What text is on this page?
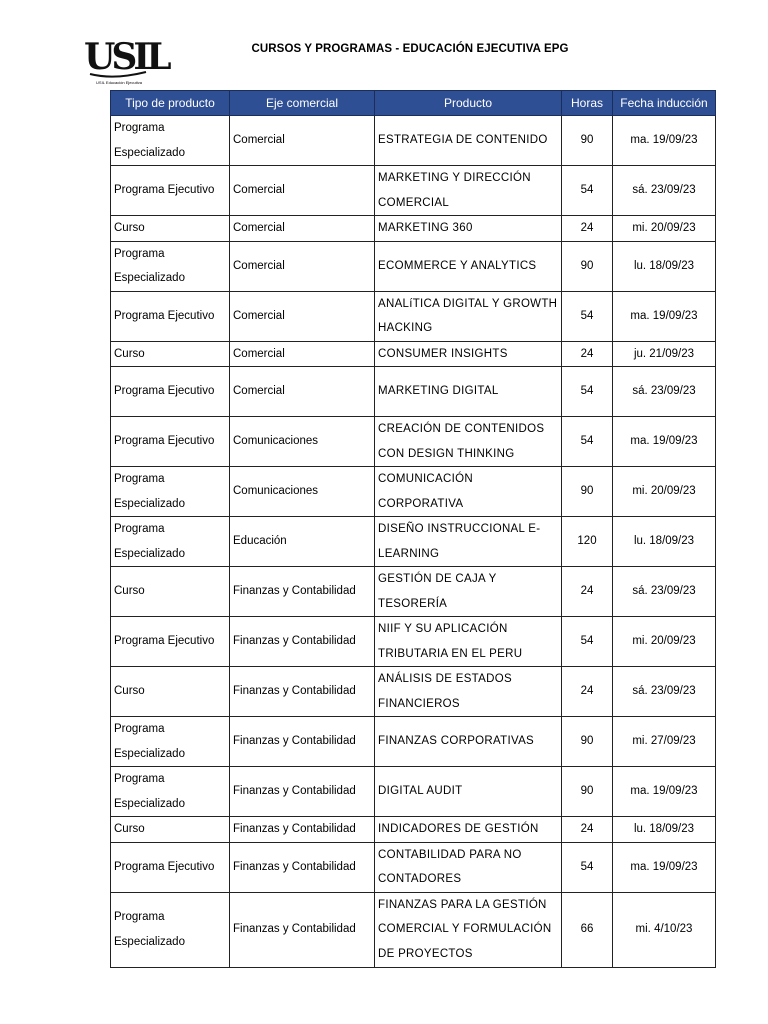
USIL
USIL Educación Ejecutiva
CURSOS Y PROGRAMAS - EDUCACIÓN EJECUTIVA EPG
Tipo de producto	Eje comercial	Producto	Horas	Fecha inducción
Programa Especializado	Comercial	ESTRATEGIA DE CONTENIDO	90	ma. 19/09/23
Programa Ejecutivo	Comercial	MARKETING Y DIRECCIÓN COMERCIAL	54	sá. 23/09/23
Curso	Comercial	MARKETING 360	24	mi. 20/09/23
Programa Especializado	Comercial	ECOMMERCE Y ANALYTICS	90	lu. 18/09/23
Programa Ejecutivo	Comercial	ANALíTICA DIGITAL Y GROWTH HACKING	54	ma. 19/09/23
Curso	Comercial	CONSUMER INSIGHTS	24	ju. 21/09/23
Programa Ejecutivo	Comercial	MARKETING DIGITAL	54	sá. 23/09/23
Programa Ejecutivo	Comunicaciones	CREACIÓN DE CONTENIDOS CON DESIGN THINKING	54	ma. 19/09/23
Programa Especializado	Comunicaciones	COMUNICACIÓN CORPORATIVA	90	mi. 20/09/23
Programa Especializado	Educación	DISEÑO INSTRUCCIONAL E-LEARNING	120	lu. 18/09/23
Curso	Finanzas y Contabilidad	GESTIÓN DE CAJA Y TESORERÍA	24	sá. 23/09/23
Programa Ejecutivo	Finanzas y Contabilidad	NIIF Y SU APLICACIÓN TRIBUTARIA EN EL PERU	54	mi. 20/09/23
Curso	Finanzas y Contabilidad	ANÁLISIS DE ESTADOS FINANCIEROS	24	sá. 23/09/23
Programa Especializado	Finanzas y Contabilidad	FINANZAS CORPORATIVAS	90	mi. 27/09/23
Programa Especializado	Finanzas y Contabilidad	DIGITAL AUDIT	90	ma. 19/09/23
Curso	Finanzas y Contabilidad	INDICADORES DE GESTIÓN	24	lu. 18/09/23
Programa Ejecutivo	Finanzas y Contabilidad	CONTABILIDAD PARA NO CONTADORES	54	ma. 19/09/23
Programa Especializado	Finanzas y Contabilidad	FINANZAS PARA LA GESTIÓN COMERCIAL Y FORMULACIÓN DE PROYECTOS	66	mi. 4/10/23
